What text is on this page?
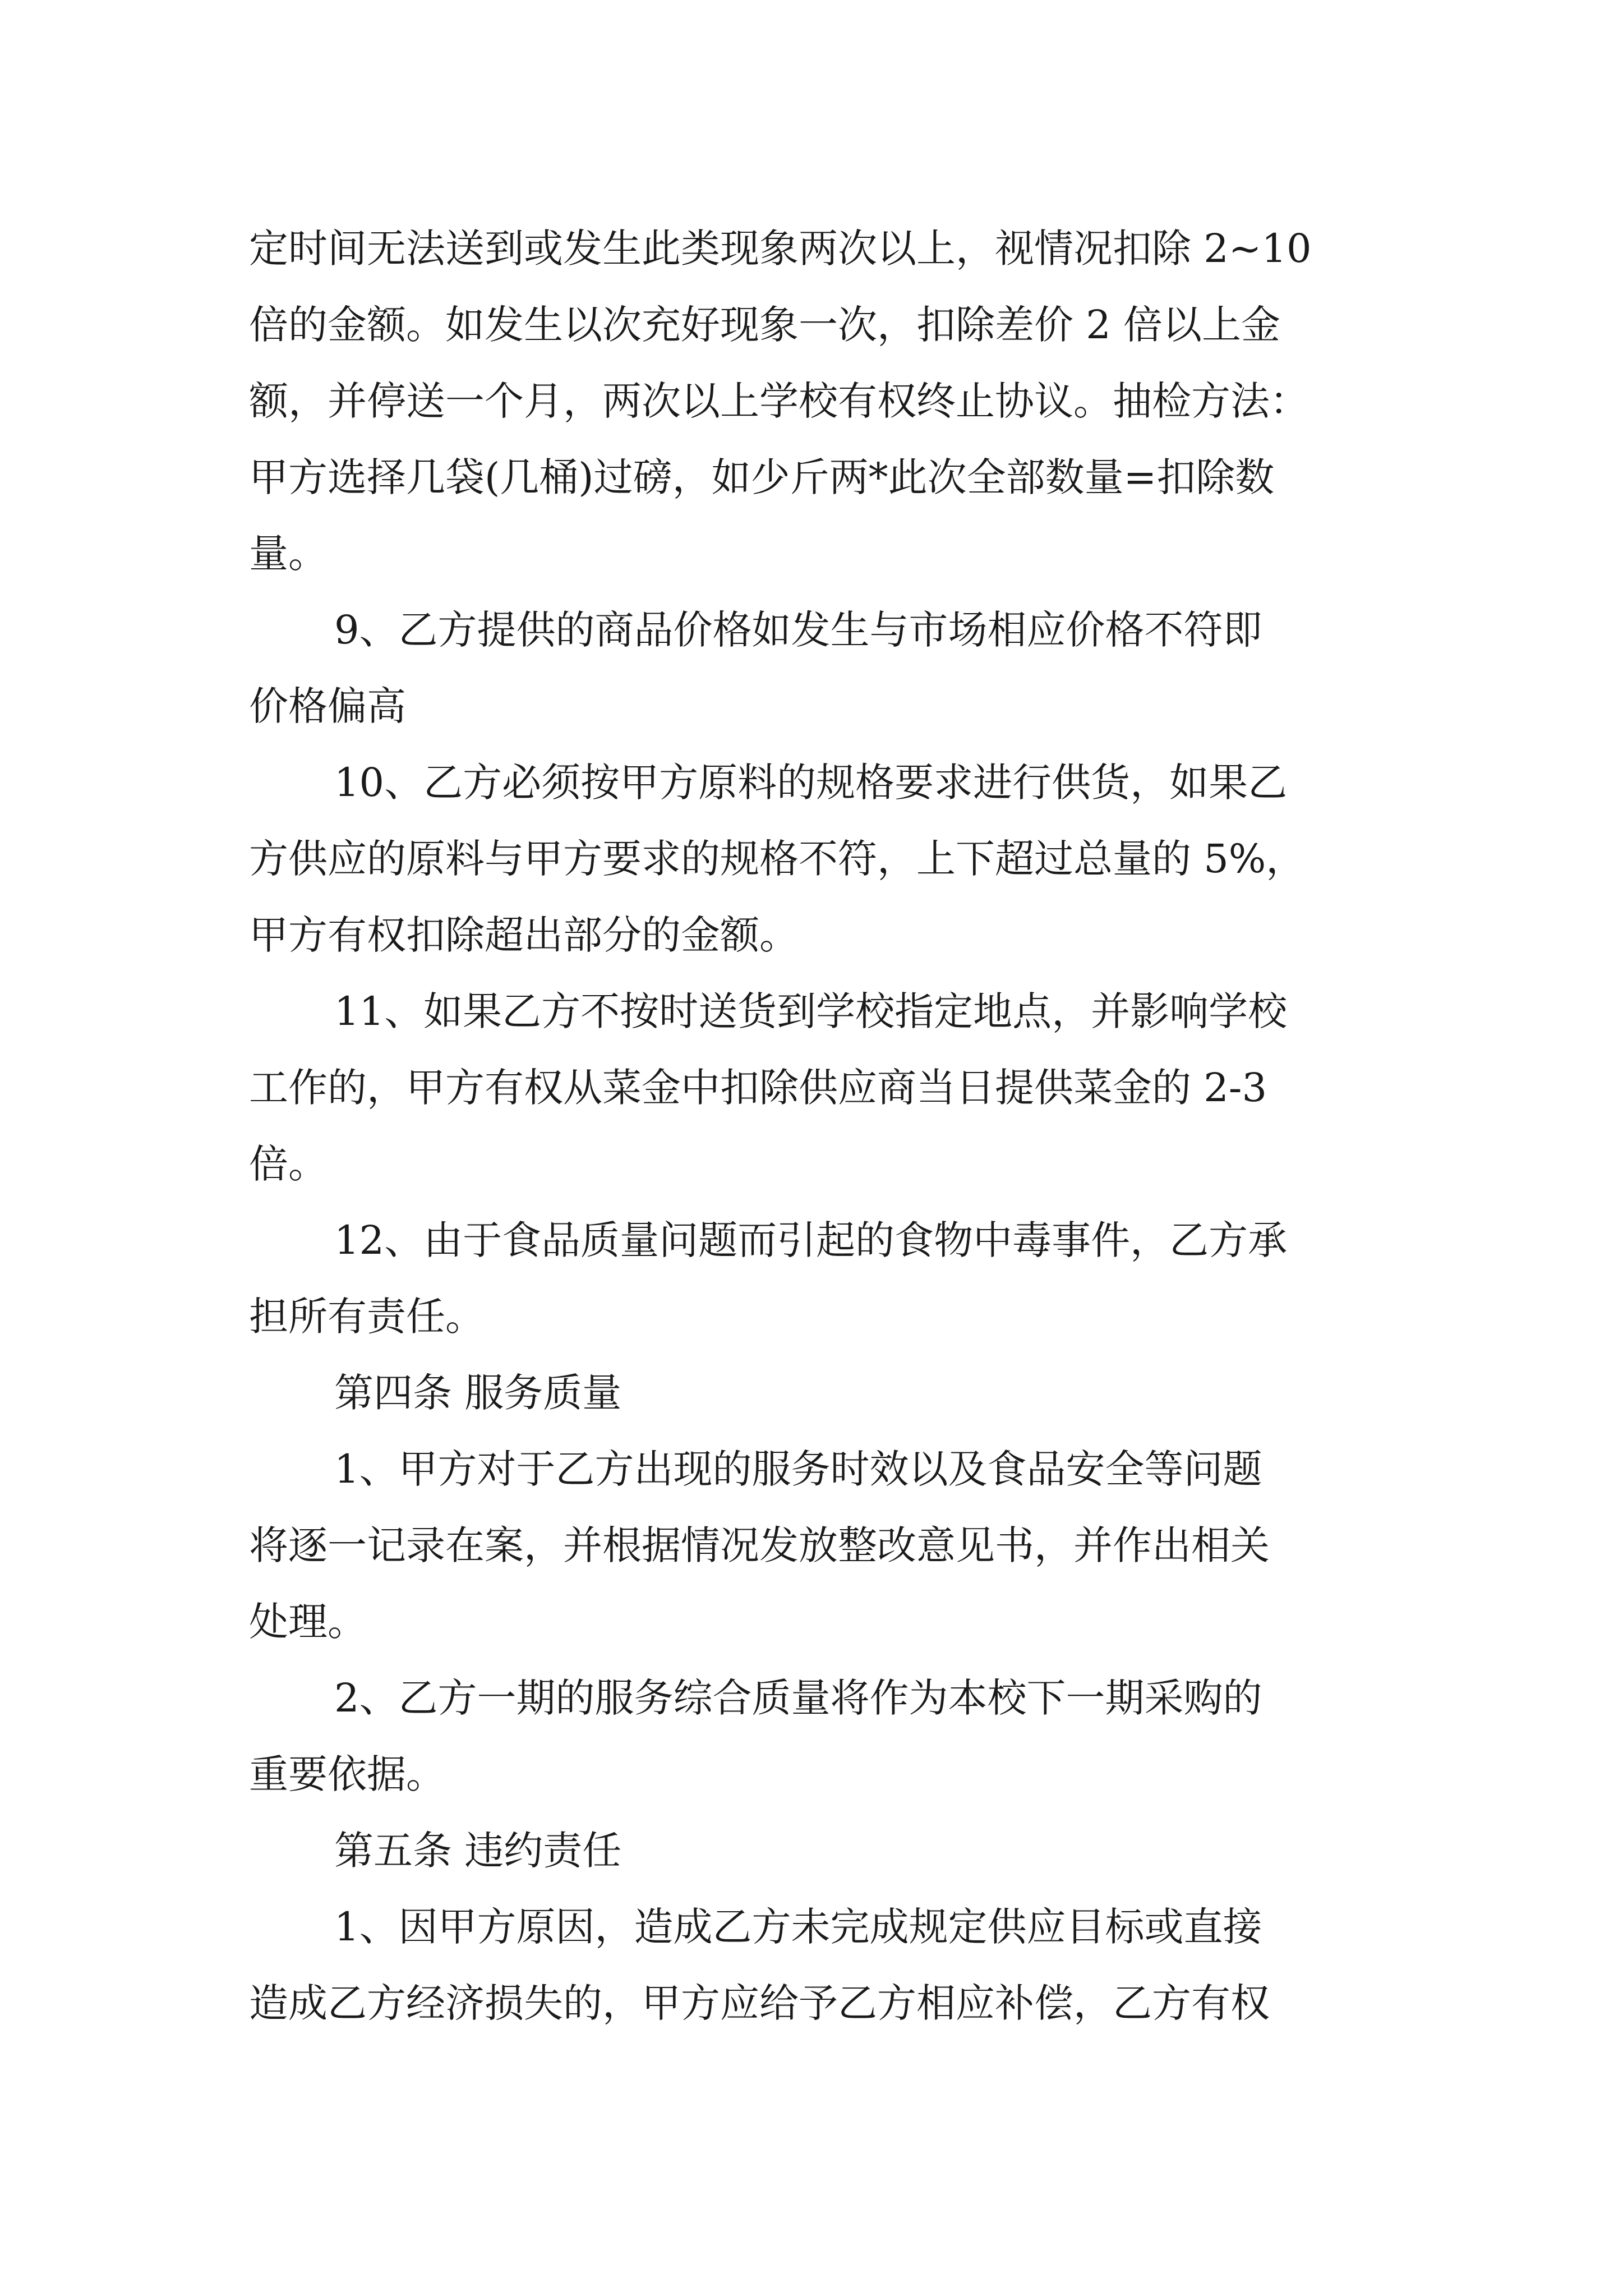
定时间无法送到或发生此类现象两次以上，视情况扣除 2~10
倍的金额。如发生以次充好现象一次，扣除差价 2 倍以上金
额，并停送一个月，两次以上学校有权终止协议。抽检方法：
甲方选择几袋(几桶)过磅，如少斤两*此次全部数量=扣除数
量。
9、乙方提供的商品价格如发生与市场相应价格不符即
价格偏高
10、乙方必须按甲方原料的规格要求进行供货，如果乙
方供应的原料与甲方要求的规格不符，上下超过总量的 5%，
甲方有权扣除超出部分的金额。
11、如果乙方不按时送货到学校指定地点，并影响学校
工作的，甲方有权从菜金中扣除供应商当日提供菜金的 2-3
倍。
12、由于食品质量问题而引起的食物中毒事件，乙方承
担所有责任。
第四条 服务质量
1、甲方对于乙方出现的服务时效以及食品安全等问题
将逐一记录在案，并根据情况发放整改意见书，并作出相关
处理。
2、乙方一期的服务综合质量将作为本校下一期采购的
重要依据。
第五条 违约责任
1、因甲方原因，造成乙方未完成规定供应目标或直接
造成乙方经济损失的，甲方应给予乙方相应补偿，乙方有权
